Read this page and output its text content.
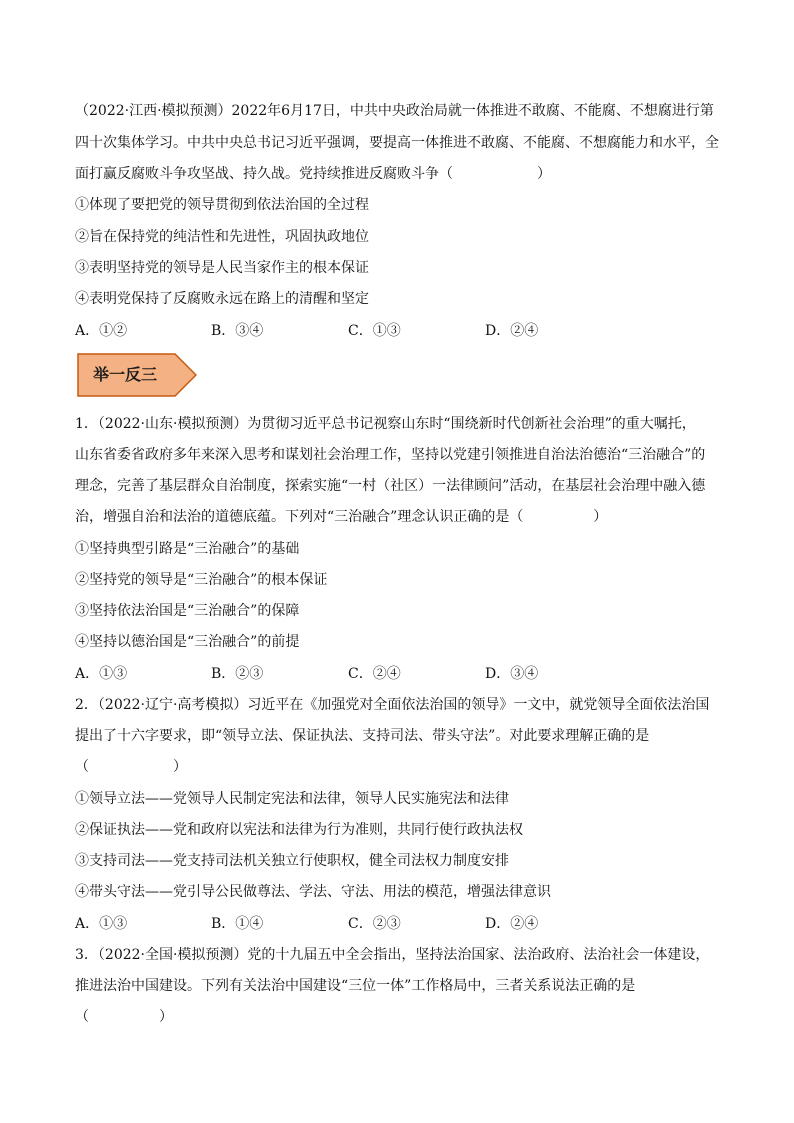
（2022·江西·模拟预测）2022年6月17日，中共中央政治局就一体推进不敢腐、不能腐、不想腐进行第
四十次集体学习。中共中央总书记习近平强调，要提高一体推进不敢腐、不能腐、不想腐能力和水平，全
面打赢反腐败斗争攻坚战、持久战。党持续推进反腐败斗争（　　　　　　）
①体现了要把党的领导贯彻到依法治国的全过程
②旨在保持党的纯洁性和先进性，巩固执政地位
③表明坚持党的领导是人民当家作主的根本保证
④表明党保持了反腐败永远在路上的清醒和坚定
A．①②	B．③④	C．①③	D．②④
举一反三
1．（2022·山东·模拟预测）为贯彻习近平总书记视察山东时“围绕新时代创新社会治理”的重大嘱托，
山东省委省政府多年来深入思考和谋划社会治理工作，坚持以党建引领推进自治法治德治“三治融合”的
理念，完善了基层群众自治制度，探索实施“一村（社区）一法律顾问”活动，在基层社会治理中融入德
治，增强自治和法治的道德底蕴。下列对“三治融合”理念认识正确的是（　　　　　）
①坚持典型引路是“三治融合”的基础
②坚持党的领导是“三治融合”的根本保证
③坚持依法治国是“三治融合”的保障
④坚持以德治国是“三治融合”的前提
A．①③	B．②③	C．②④	D．③④
2．（2022·辽宁·高考模拟）习近平在《加强党对全面依法治国的领导》一文中，就党领导全面依法治国
提出了十六字要求，即“领导立法、保证执法、支持司法、带头守法”。对此要求理解正确的是
（　　　　　　）
①领导立法——党领导人民制定宪法和法律，领导人民实施宪法和法律
②保证执法——党和政府以宪法和法律为行为准则，共同行使行政执法权
③支持司法——党支持司法机关独立行使职权，健全司法权力制度安排
④带头守法——党引导公民做尊法、学法、守法、用法的模范，增强法律意识
A．①③	B．①④	C．②③	D．②④
3．（2022·全国·模拟预测）党的十九届五中全会指出，坚持法治国家、法治政府、法治社会一体建设，
推进法治中国建设。下列有关法治中国建设“三位一体”工作格局中，三者关系说法正确的是
（　　　　　）
